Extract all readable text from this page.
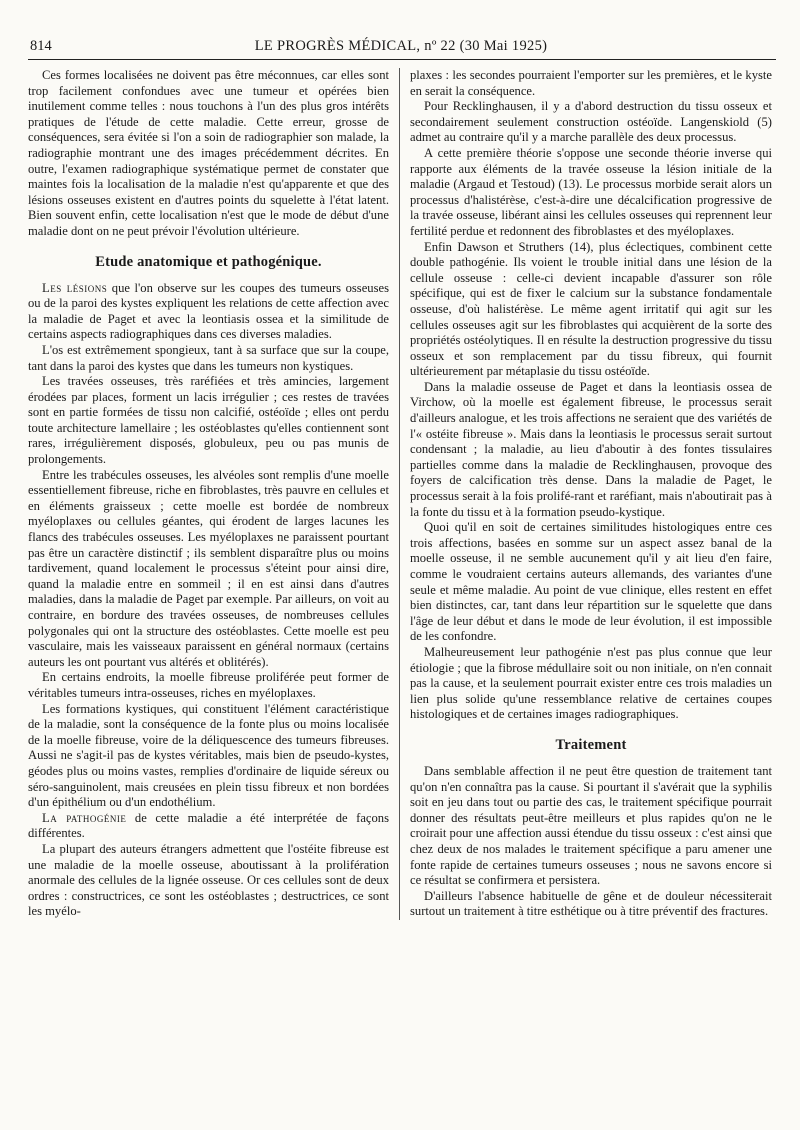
814	LE PROGRÈS MÉDICAL, nº 22 (30 Mai 1925)

Ces formes localisées ne doivent pas être méconnues, car elles sont trop facilement confondues avec une tumeur et opérées bien inutilement comme telles : nous touchons à l'un des plus gros intérêts pratiques de l'étude de cette maladie. Cette erreur, grosse de conséquences, sera évitée si l'on a soin de radiographier son malade, la radiographie montrant une des images précédemment décrites. En outre, l'examen radiographique systématique permet de constater que maintes fois la localisation de la maladie n'est qu'apparente et que des lésions osseuses existent en d'autres points du squelette à l'état latent. Bien souvent enfin, cette localisation n'est que le mode de début d'une maladie dont on ne peut prévoir l'évolution ultérieure.

Etude anatomique et pathogénique.

Les lésions que l'on observe sur les coupes des tumeurs osseuses ou de la paroi des kystes expliquent les relations de cette affection avec la maladie de Paget et avec la leontiasis ossea et la similitude de certains aspects radiographiques dans ces diverses maladies.

L'os est extrêmement spongieux, tant à sa surface que sur la coupe, tant dans la paroi des kystes que dans les tumeurs non kystiques.

Les travées osseuses, très raréfiées et très amincies, largement érodées par places, forment un lacis irrégulier ; ces restes de travées sont en partie formées de tissu non calcifié, ostéoïde ; elles ont perdu toute architecture lamellaire ; les ostéoblastes qu'elles contiennent sont rares, irrégulièrement disposés, globuleux, peu ou pas munis de prolongements.

Entre les trabécules osseuses, les alvéoles sont remplis d'une moelle essentiellement fibreuse, riche en fibroblastes, très pauvre en cellules et en éléments graisseux ; cette moelle est bordée de nombreux myéloplaxes ou cellules géantes, qui érodent de larges lacunes les flancs des trabécules osseuses. Les myéloplaxes ne paraissent pourtant pas être un caractère distinctif ; ils semblent disparaître plus ou moins tardivement, quand localement le processus s'éteint pour ainsi dire, quand la maladie entre en sommeil ; il en est ainsi dans d'autres maladies, dans la maladie de Paget par exemple. Par ailleurs, on voit au contraire, en bordure des travées osseuses, de nombreuses cellules polygonales qui ont la structure des ostéoblastes. Cette moelle est peu vasculaire, mais les vaisseaux paraissent en général normaux (certains auteurs les ont pourtant vus altérés et oblitérés).

En certains endroits, la moelle fibreuse proliférée peut former de véritables tumeurs intra-osseuses, riches en myéloplaxes.

Les formations kystiques, qui constituent l'élément caractéristique de la maladie, sont la conséquence de la fonte plus ou moins localisée de la moelle fibreuse, voire de la déliquescence des tumeurs fibreuses. Aussi ne s'agit-il pas de kystes véritables, mais bien de pseudo-kystes, géodes plus ou moins vastes, remplies d'ordinaire de liquide séreux ou séro-sanguinolent, mais creusées en plein tissu fibreux et non bordées d'un épithélium ou d'un endothélium.

La pathogénie de cette maladie a été interprétée de façons différentes.

La plupart des auteurs étrangers admettent que l'ostéite fibreuse est une maladie de la moelle osseuse, aboutissant à la prolifération anormale des cellules de la lignée osseuse. Or ces cellules sont de deux ordres : constructrices, ce sont les ostéoblastes ; destructrices, ce sont les myélo-

plaxes : les secondes pourraient l'emporter sur les premières, et le kyste en serait la conséquence.

Pour Recklinghausen, il y a d'abord destruction du tissu osseux et secondairement seulement construction ostéoïde. Langenskiold (5) admet au contraire qu'il y a marche parallèle des deux processus.

A cette première théorie s'oppose une seconde théorie inverse qui rapporte aux éléments de la travée osseuse la lésion initiale de la maladie (Argaud et Testoud) (13). Le processus morbide serait alors un processus d'halistérèse, c'est-à-dire une décalcification progressive de la travée osseuse, libérant ainsi les cellules osseuses qui reprennent leur fertilité perdue et redonnent des fibroblastes et des myéloplaxes.

Enfin Dawson et Struthers (14), plus éclectiques, combinent cette double pathogénie. Ils voient le trouble initial dans une lésion de la cellule osseuse : celle-ci devient incapable d'assurer son rôle spécifique, qui est de fixer le calcium sur la substance fondamentale osseuse, d'où halistérèse. Le même agent irritatif qui agit sur les cellules osseuses agit sur les fibroblastes qui acquièrent de la sorte des propriétés ostéolytiques. Il en résulte la destruction progressive du tissu osseux et son remplacement par du tissu fibreux, qui fournit ultérieurement par métaplasie du tissu ostéoïde.

Dans la maladie osseuse de Paget et dans la leontiasis ossea de Virchow, où la moelle est également fibreuse, le processus serait d'ailleurs analogue, et les trois affections ne seraient que des variétés de l'« ostéite fibreuse ». Mais dans la leontiasis le processus serait surtout condensant ; la maladie, au lieu d'aboutir à des fontes tissulaires partielles comme dans la maladie de Recklinghausen, provoque des foyers de calcification très dense. Dans la maladie de Paget, le processus serait à la fois prolifé-rant et raréfiant, mais n'aboutirait pas à la fonte du tissu et à la formation pseudo-kystique.

Quoi qu'il en soit de certaines similitudes histologiques entre ces trois affections, basées en somme sur un aspect assez banal de la moelle osseuse, il ne semble aucunement qu'il y ait lieu d'en faire, comme le voudraient certains auteurs allemands, des variantes d'une seule et même maladie. Au point de vue clinique, elles restent en effet bien distinctes, car, tant dans leur répartition sur le squelette que dans l'âge de leur début et dans le mode de leur évolution, il est impossible de les confondre.

Malheureusement leur pathogénie n'est pas plus connue que leur étiologie ; que la fibrose médullaire soit ou non initiale, on n'en connait pas la cause, et la seulement pourrait exister entre ces trois maladies un lien plus solide qu'une ressemblance relative de certaines coupes histologiques et de certaines images radiographiques.

Traitement

Dans semblable affection il ne peut être question de traitement tant qu'on n'en connaîtra pas la cause. Si pourtant il s'avérait que la syphilis soit en jeu dans tout ou partie des cas, le traitement spécifique pourrait donner des résultats peut-être meilleurs et plus rapides qu'on ne le croirait pour une affection aussi étendue du tissu osseux : c'est ainsi que chez deux de nos malades le traitement spécifique a paru amener une fonte rapide de certaines tumeurs osseuses ; nous ne savons encore si ce résultat se confirmera et persistera.

D'ailleurs l'absence habituelle de gêne et de douleur nécessiterait surtout un traitement à titre esthétique ou à titre préventif des fractures.
